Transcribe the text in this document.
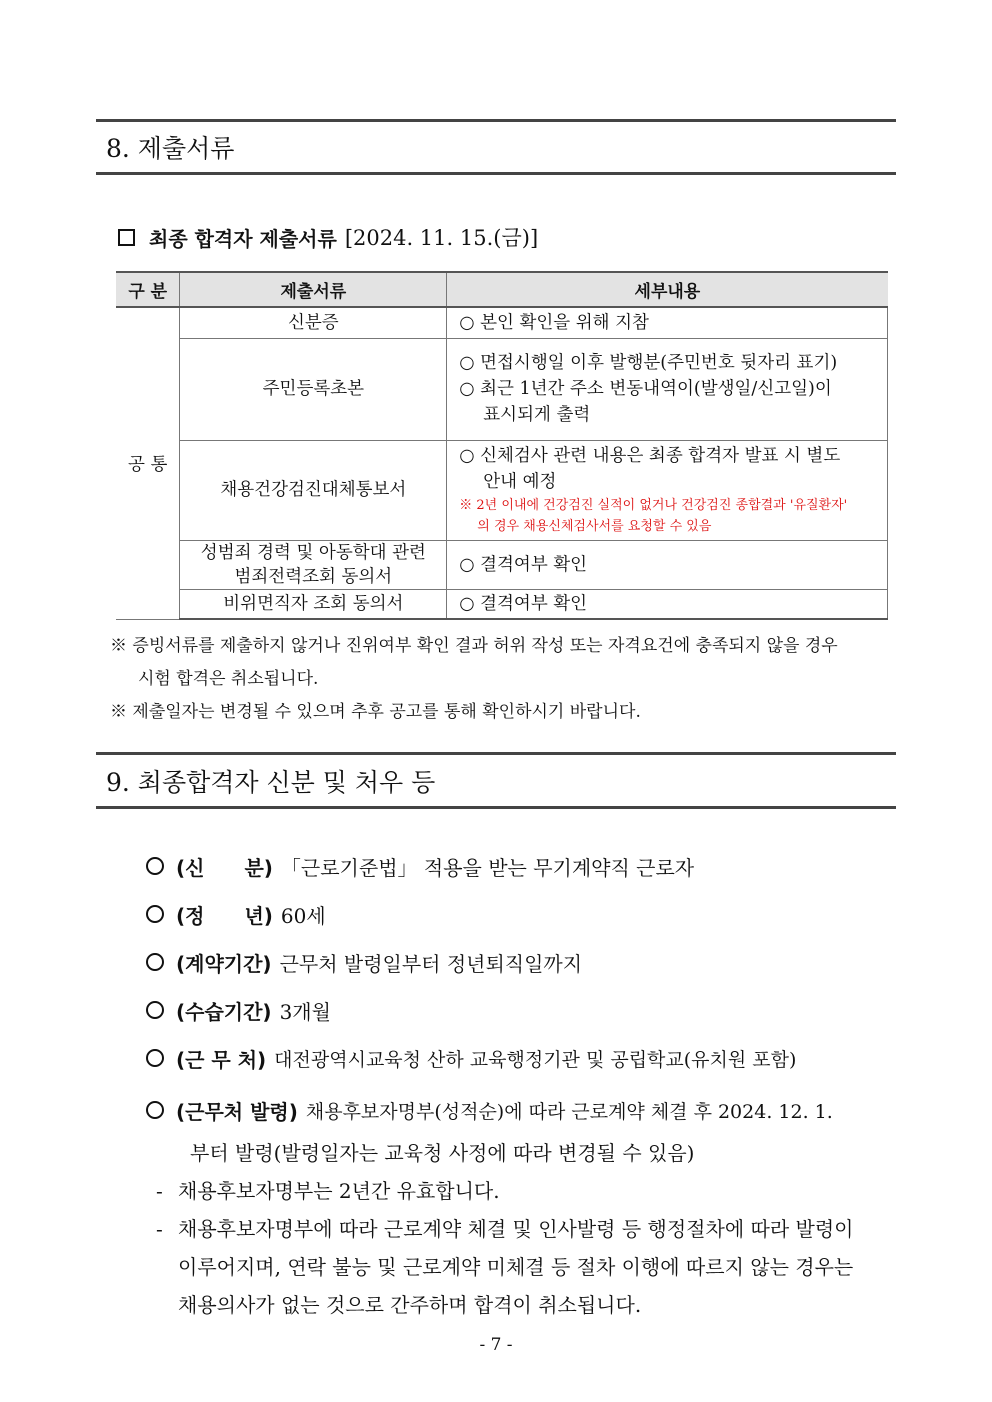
8. 제출서류
최종 합격자 제출서류 [2024. 11. 15.(금)]
구 분	제출서류	세부내용
공 통	신분증	○ 본인 확인을 위해 지참

	주민등록초본	○ 면접시행일 이후 발행분(주민번호 뒷자리 표기)
○ 최근 1년간 주소 변동내역이(발생일/신고일)이
표시되게 출력

	채용건강검진대체통보서	○ 신체검사 관련 내용은 최종 합격자 발표 시 별도
안내 예정
※ 2년 이내에 건강검진 실적이 없거나 건강검진 종합결과 '유질환자'
의 경우 채용신체검사서를 요청할 수 있음

	성범죄 경력 및 아동학대 관련
범죄전력조회 동의서	○ 결격여부 확인

	비위면직자 조회 동의서	○ 결격여부 확인
※ 증빙서류를 제출하지 않거나 진위여부 확인 결과 허위 작성 또는 자격요건에 충족되지 않을 경우
시험 합격은 취소됩니다.
※ 제출일자는 변경될 수 있으며 추후 공고를 통해 확인하시기 바랍니다.
9. 최종합격자 신분 및 처우 등
(신　　분) 「근로기준법」 적용을 받는 무기계약직 근로자
(정　　년) 60세
(계약기간) 근무처 발령일부터 정년퇴직일까지
(수습기간) 3개월
(근 무 처) 대전광역시교육청 산하 교육행정기관 및 공립학교(유치원 포함)
(근무처 발령) 채용후보자명부(성적순)에 따라 근로계약 체결 후 2024. 12. 1.
부터 발령(발령일자는 교육청 사정에 따라 변경될 수 있음)
- 채용후보자명부는 2년간 유효합니다.
- 채용후보자명부에 따라 근로계약 체결 및 인사발령 등 행정절차에 따라 발령이
이루어지며, 연락 불능 및 근로계약 미체결 등 절차 이행에 따르지 않는 경우는
채용의사가 없는 것으로 간주하며 합격이 취소됩니다.
- 7 -
